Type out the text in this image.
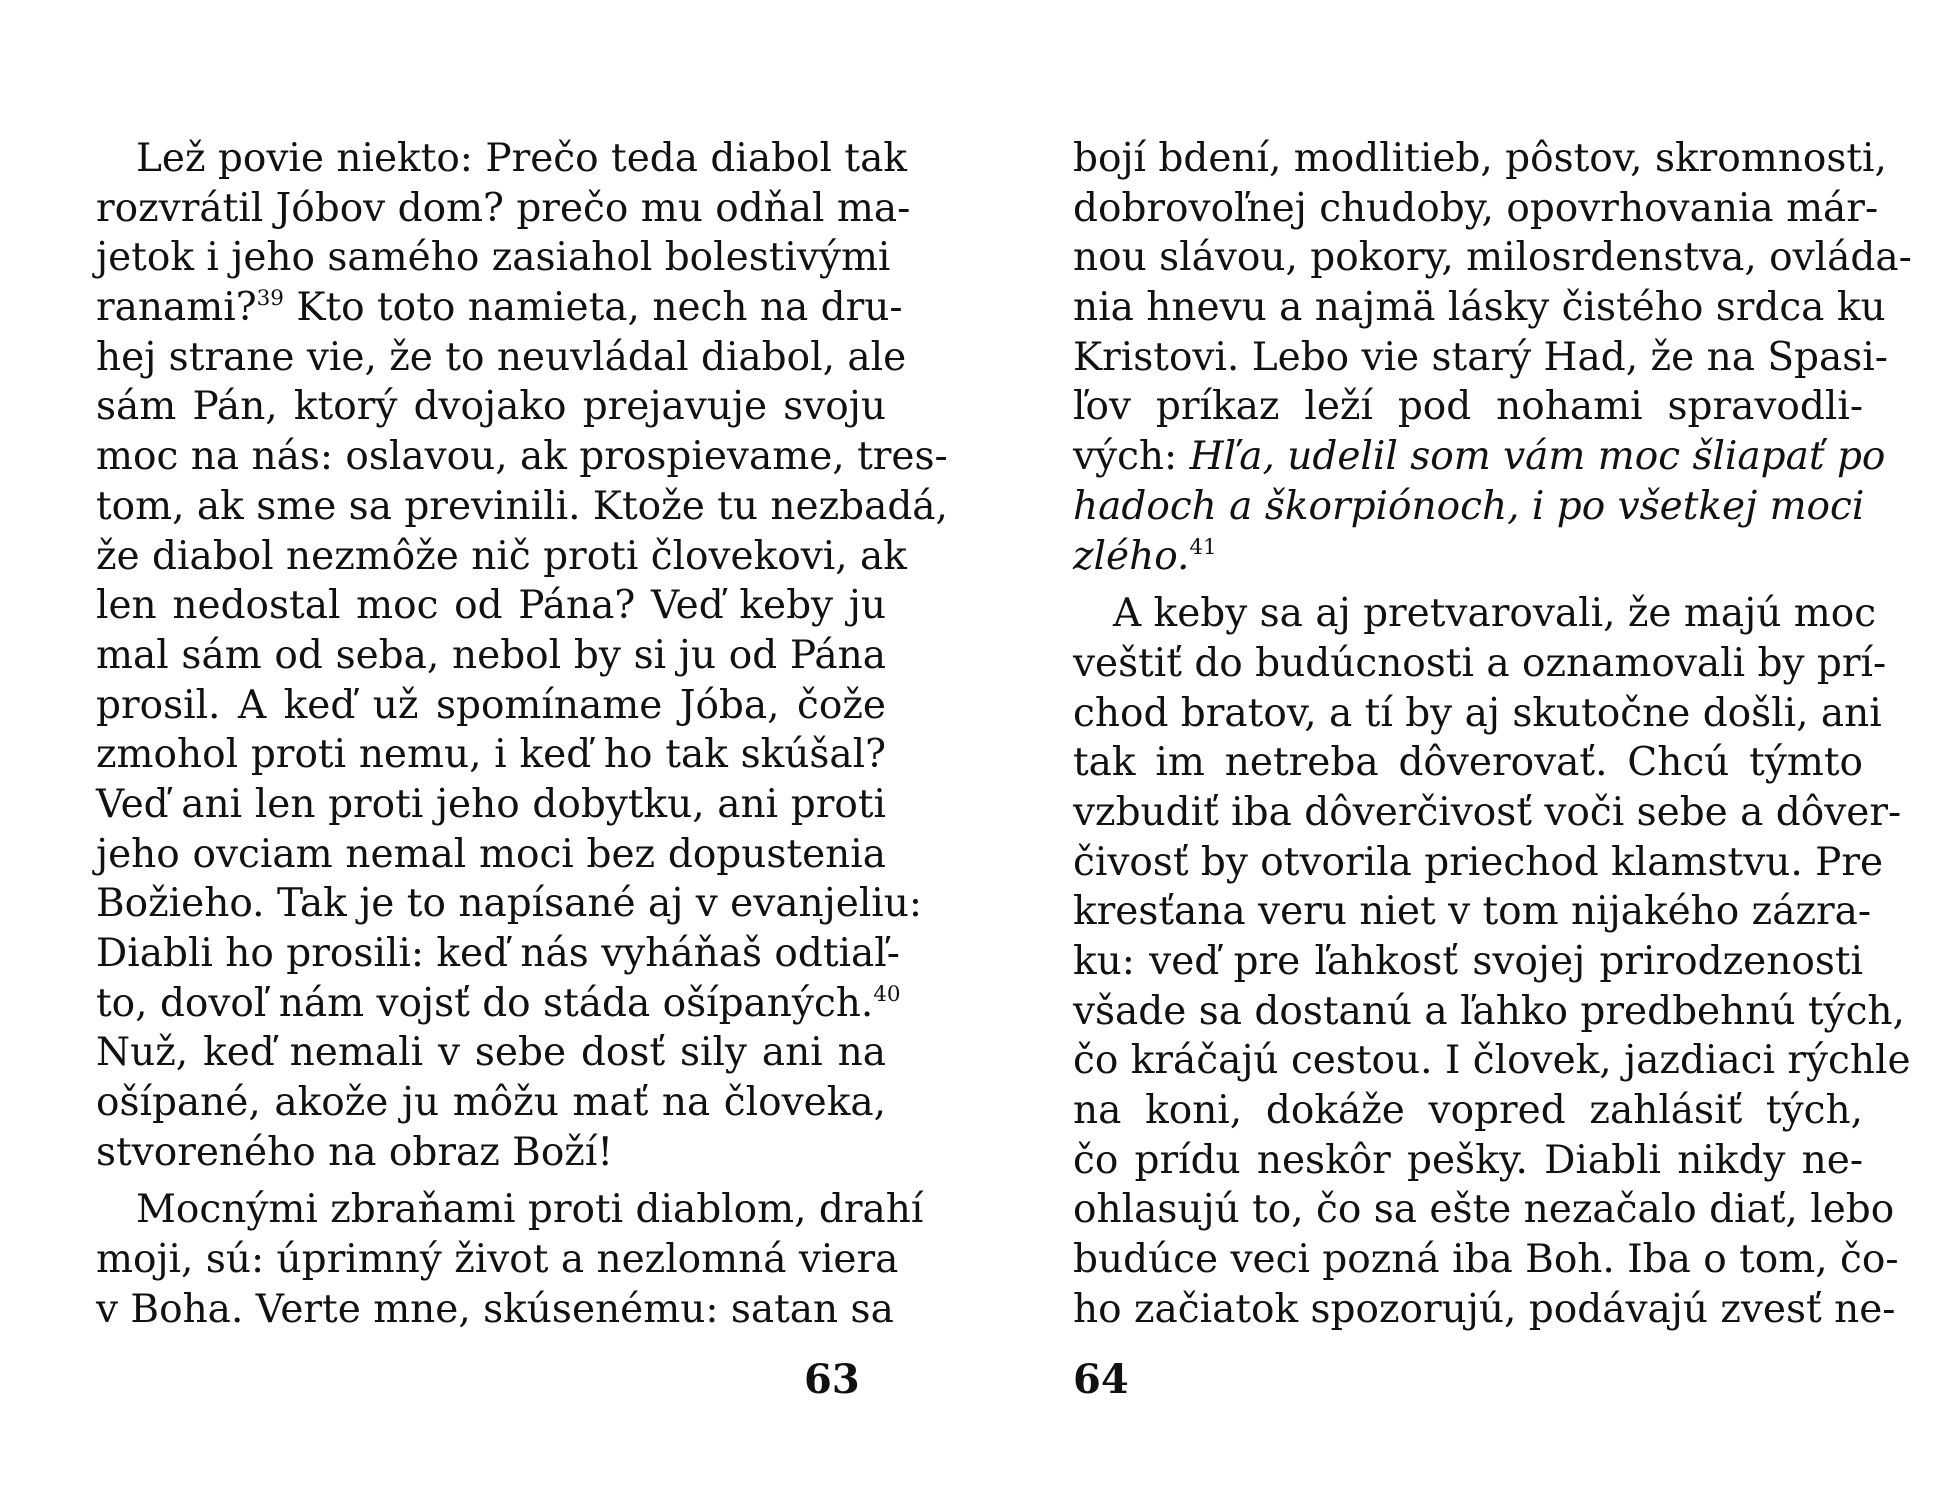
Lež povie niekto: Prečo teda diabol tak
rozvrátil Jóbov dom? prečo mu odňal ma-
jetok i jeho samého zasiahol bolestivými
ranami?$^{39}$ Kto toto namieta, nech na dru-
hej strane vie, že to neuvládal diabol, ale
sám Pán, ktorý dvojako prejavuje svoju
moc na nás: oslavou, ak prospievame, tres-
tom, ak sme sa previnili. Ktože tu nezbadá,
že diabol nezmôže nič proti človekovi, ak
len nedostal moc od Pána? Veď keby ju
mal sám od seba, nebol by si ju od Pána
prosil. A keď už spomíname Jóba, čože
zmohol proti nemu, i keď ho tak skúšal?
Veď ani len proti jeho dobytku, ani proti
jeho ovciam nemal moci bez dopustenia
Božieho. Tak je to napísané aj v evanjeliu:
Diabli ho prosili: keď nás vyháňaš odtiaľ-
to, dovoľ nám vojsť do stáda ošípaných.$^{40}$
Nuž, keď nemali v sebe dosť sily ani na
ošípané, akože ju môžu mať na človeka,
stvoreného na obraz Boží!
Mocnými zbraňami proti diablom, drahí
moji, sú: úprimný život a nezlomná viera
v Boha. Verte mne, skúsenému: satan sa
bojí bdení, modlitieb, pôstov, skromnosti,
dobrovoľnej chudoby, opovrhovania már-
nou slávou, pokory, milosrdenstva, ovláda-
nia hnevu a najmä lásky čistého srdca ku
Kristovi. Lebo vie starý Had, že na Spasi-
ľov príkaz leží pod nohami spravodli-
vých: Hľa, udelil som vám moc šliapať po
hadoch a škorpiónoch, i po všetkej moci
zlého.$^{41}$
A keby sa aj pretvarovali, že majú moc
veštiť do budúcnosti a oznamovali by prí-
chod bratov, a tí by aj skutočne došli, ani
tak im netreba dôverovať. Chcú týmto
vzbudiť iba dôverčivosť voči sebe a dôver-
čivosť by otvorila priechod klamstvu. Pre
kresťana veru niet v tom nijakého zázra-
ku: veď pre ľahkosť svojej prirodzenosti
všade sa dostanú a ľahko predbehnú tých,
čo kráčajú cestou. I človek, jazdiaci rýchle
na koni, dokáže vopred zahlásiť tých,
čo prídu neskôr pešky. Diabli nikdy ne-
ohlasujú to, čo sa ešte nezačalo diať, lebo
budúce veci pozná iba Boh. Iba o tom, čo-
ho začiatok spozorujú, podávajú zvesť ne-
63	64
